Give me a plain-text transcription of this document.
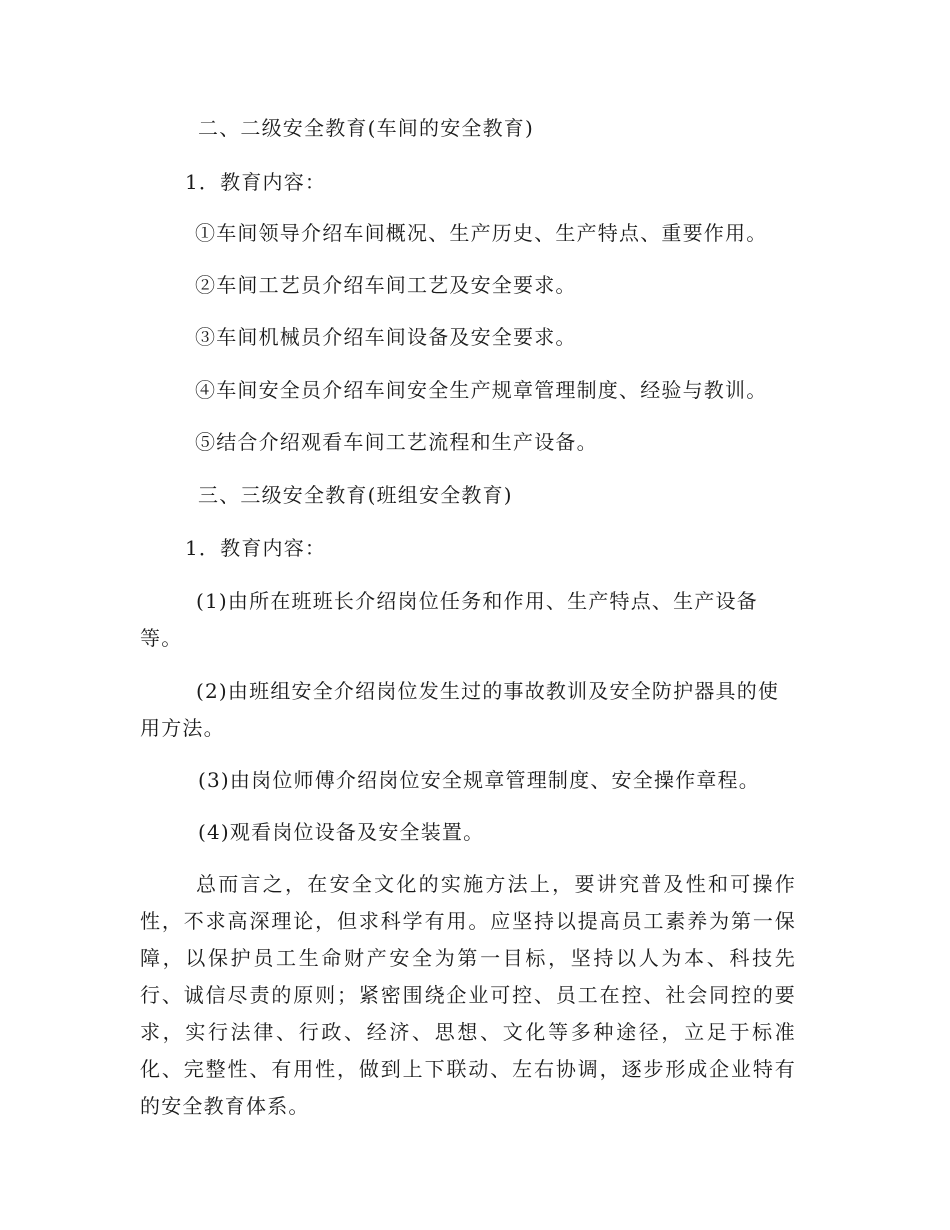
二、二级安全教育(车间的安全教育)
1．教育内容：
①车间领导介绍车间概况、生产历史、生产特点、重要作用。
②车间工艺员介绍车间工艺及安全要求。
③车间机械员介绍车间设备及安全要求。
④车间安全员介绍车间安全生产规章管理制度、经验与教训。
⑤结合介绍观看车间工艺流程和生产设备。
三、三级安全教育(班组安全教育)
1．教育内容：
(1)由所在班班长介绍岗位任务和作用、生产特点、生产设备等。
(2)由班组安全介绍岗位发生过的事故教训及安全防护器具的使用方法。
(3)由岗位师傅介绍岗位安全规章管理制度、安全操作章程。
(4)观看岗位设备及安全装置。
总而言之，在安全文化的实施方法上，要讲究普及性和可操作性，不求高深理论，但求科学有用。应坚持以提高员工素养为第一保障，以保护员工生命财产安全为第一目标，坚持以人为本、科技先行、诚信尽责的原则；紧密围绕企业可控、员工在控、社会同控的要求，实行法律、行政、经济、思想、文化等多种途径，立足于标准化、完整性、有用性，做到上下联动、左右协调，逐步形成企业特有的安全教育体系。
